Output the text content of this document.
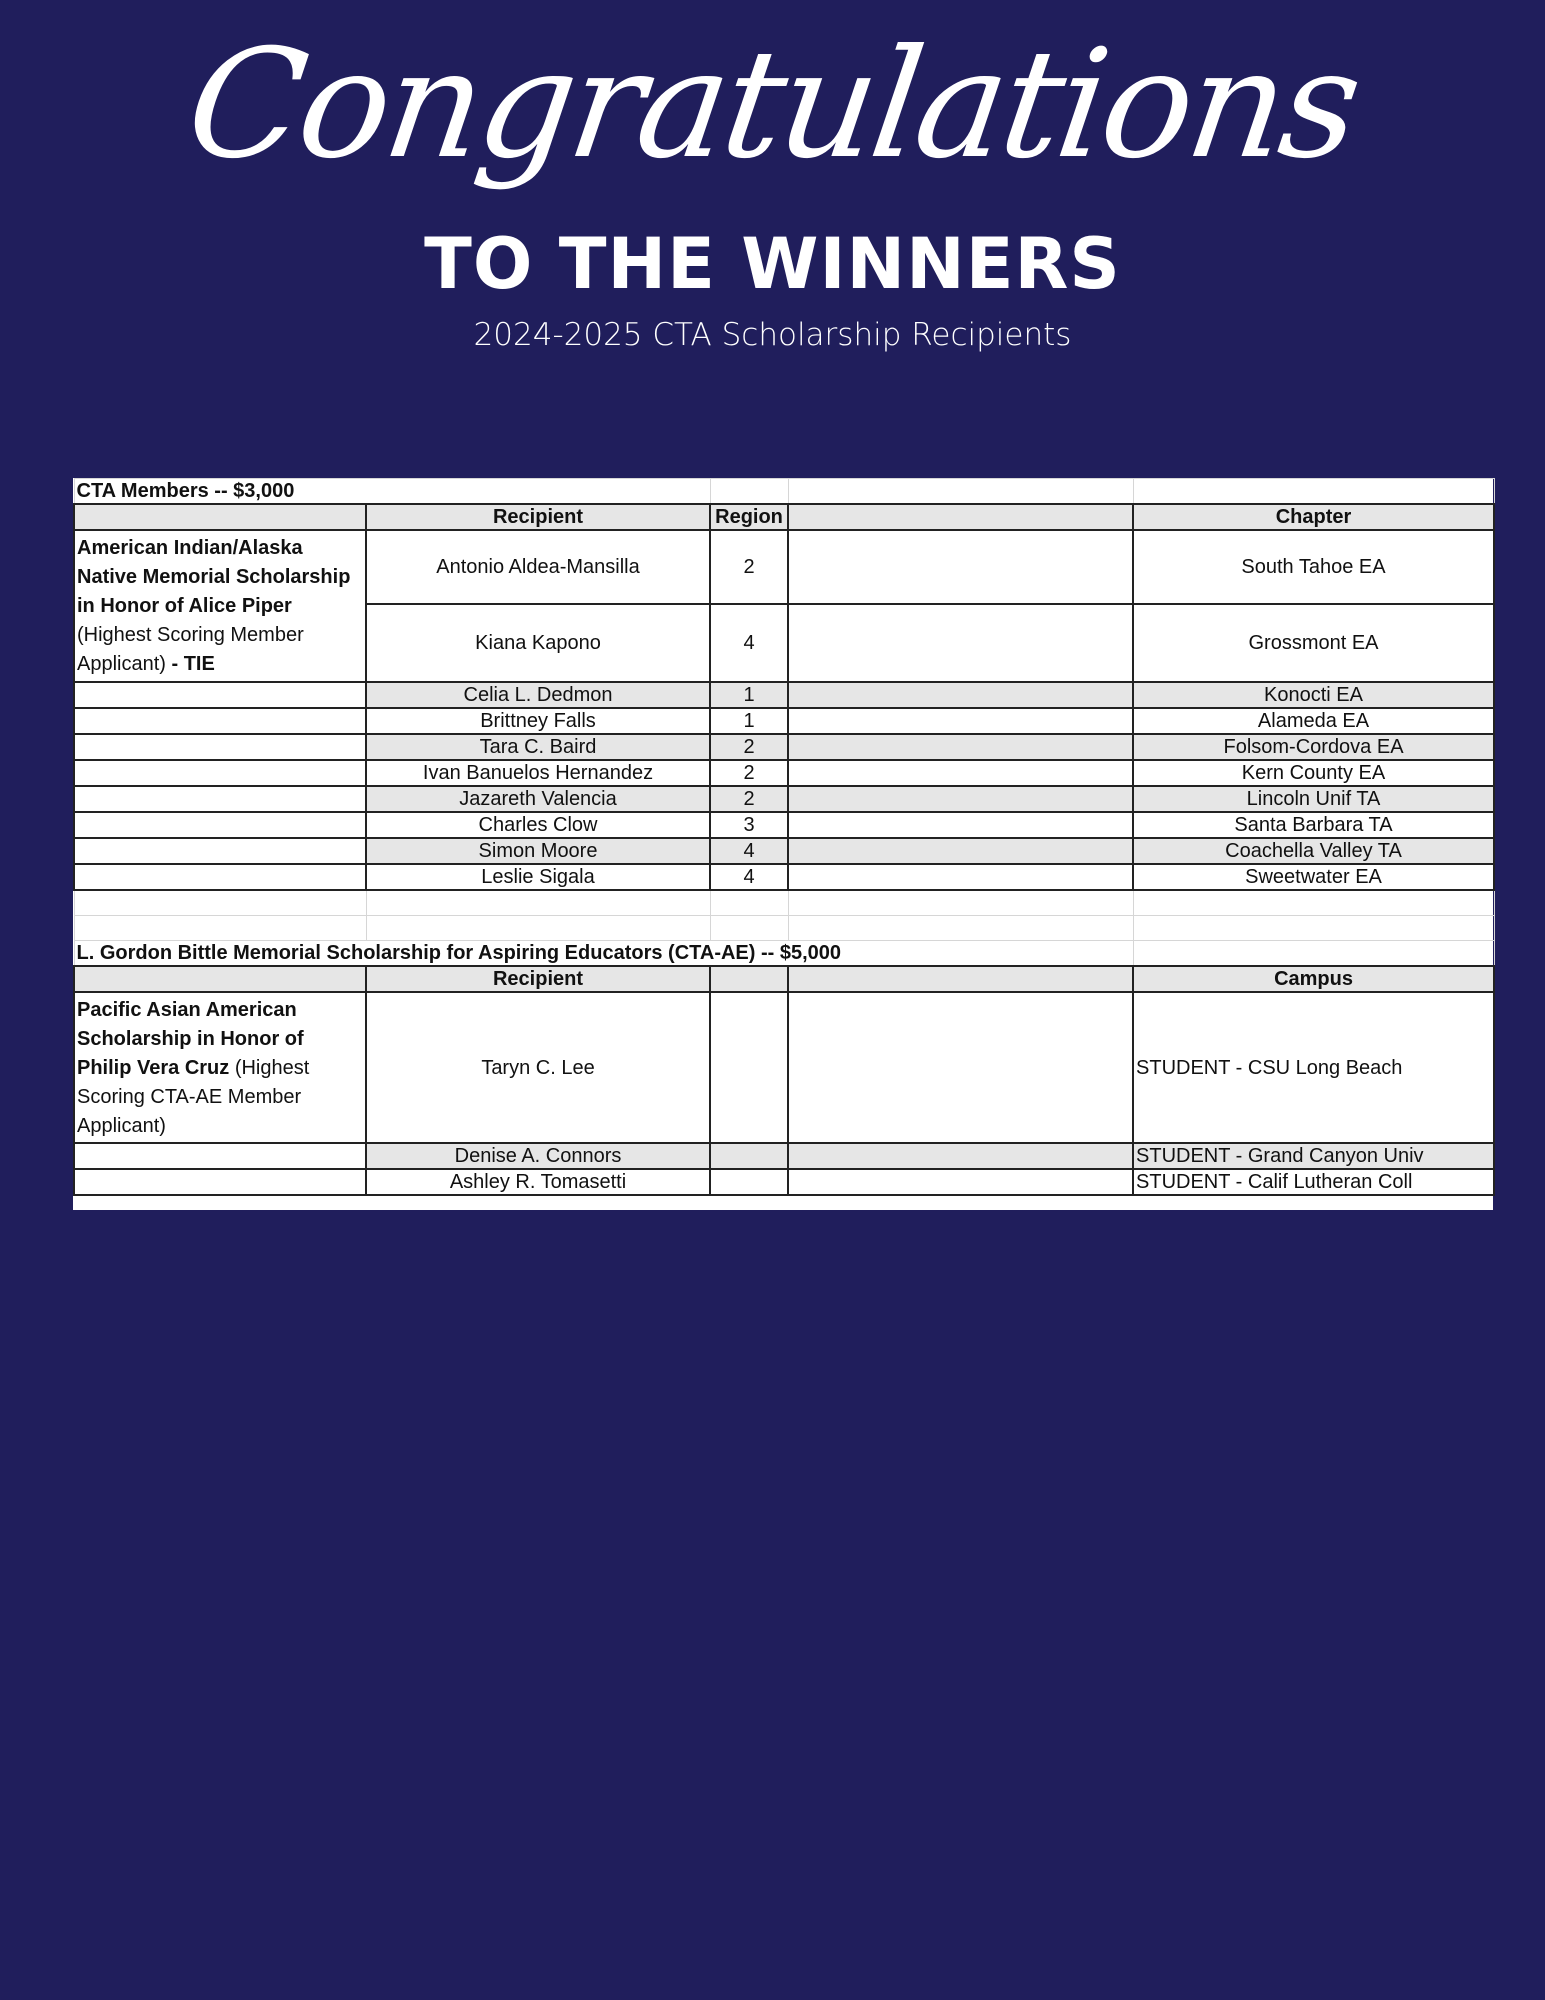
Congratulations
TO THE WINNERS
2024-2025 CTA Scholarship Recipients
CTA Members -- $3,000				
	Recipient	Region		Chapter
American Indian/Alaska Native Memorial Scholarship in Honor of Alice Piper (Highest Scoring Member Applicant) - TIE	Antonio Aldea-Mansilla	2		South Tahoe EA
	Kiana Kapono	4		Grossmont EA
	Celia L. Dedmon	1		Konocti EA
	Brittney Falls	1		Alameda EA
	Tara C. Baird	2		Folsom-Cordova EA
	Ivan Banuelos Hernandez	2		Kern County EA
	Jazareth Valencia	2		Lincoln Unif TA
	Charles Clow	3		Santa Barbara TA
	Simon Moore	4		Coachella Valley TA
	Leslie Sigala	4		Sweetwater EA

L. Gordon Bittle Memorial Scholarship for Aspiring Educators (CTA-AE) -- $5,000				
	Recipient			Campus
Pacific Asian American Scholarship in Honor of Philip Vera Cruz (Highest Scoring CTA-AE Member Applicant)	Taryn C. Lee			STUDENT - CSU Long Beach
	Denise A. Connors			STUDENT - Grand Canyon Univ
	Ashley R. Tomasetti			STUDENT - Calif Lutheran Coll
